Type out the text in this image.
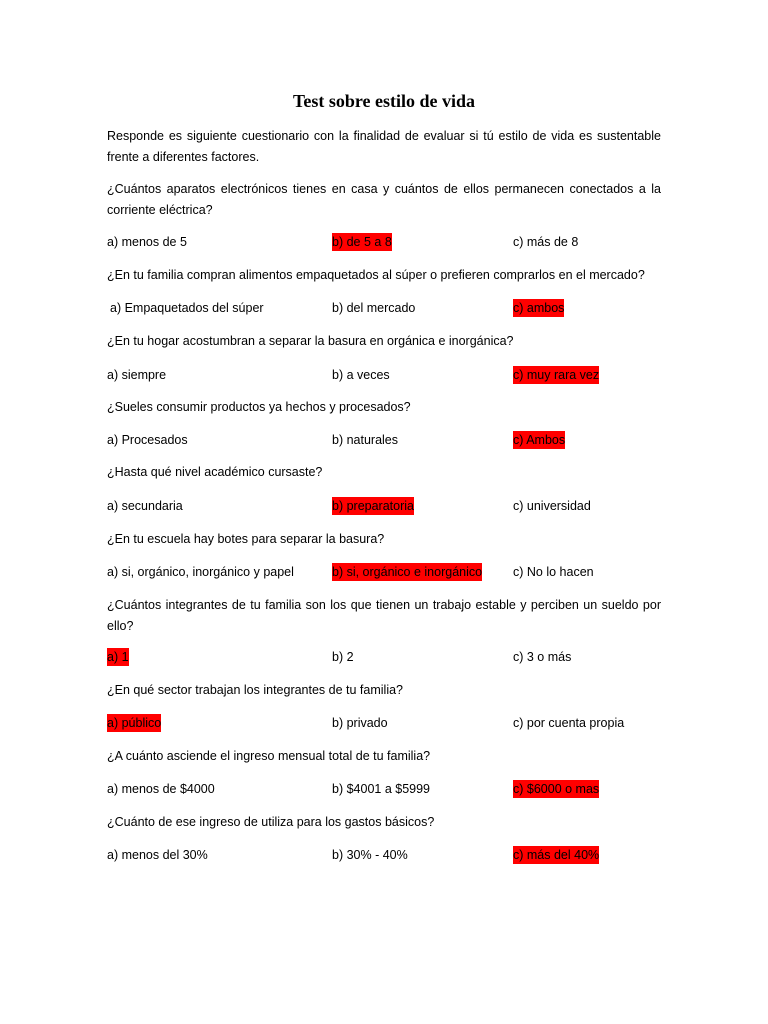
Test sobre estilo de vida

Responde es siguiente cuestionario con la finalidad de evaluar si tú estilo de vida es sustentable frente a diferentes factores.

¿Cuántos aparatos electrónicos tienes en casa y cuántos de ellos permanecen conectados a la corriente eléctrica?

a) menos de 5	b) de 5 a 8	c) más de 8

¿En tu familia compran alimentos empaquetados al súper o prefieren comprarlos en el mercado?

a) Empaquetados del súper	b) del mercado	c) ambos

¿En tu hogar acostumbran a separar la basura en orgánica e inorgánica?

a) siempre	b) a veces	c) muy rara vez

¿Sueles consumir productos ya hechos y procesados?

a) Procesados	b) naturales	c) Ambos

¿Hasta qué nivel académico cursaste?

a) secundaria	b) preparatoria	c) universidad

¿En tu escuela hay botes para separar la basura?

a) si, orgánico, inorgánico y papel	b) si, orgánico e inorgánico c) No lo hacen

¿Cuántos integrantes de tu familia son los que tienen un trabajo estable y perciben un sueldo por ello?

a) 1	b) 2	c) 3 o más

¿En qué sector trabajan los integrantes de tu familia?

a) público	b) privado	c) por cuenta propia

¿A cuánto asciende el ingreso mensual total de tu familia?

a) menos de $4000	b) $4001 a $5999	c) $6000 o mas

¿Cuánto de ese ingreso de utiliza para los gastos básicos?

a) menos del 30%	b) 30% - 40%	c) más del 40%
